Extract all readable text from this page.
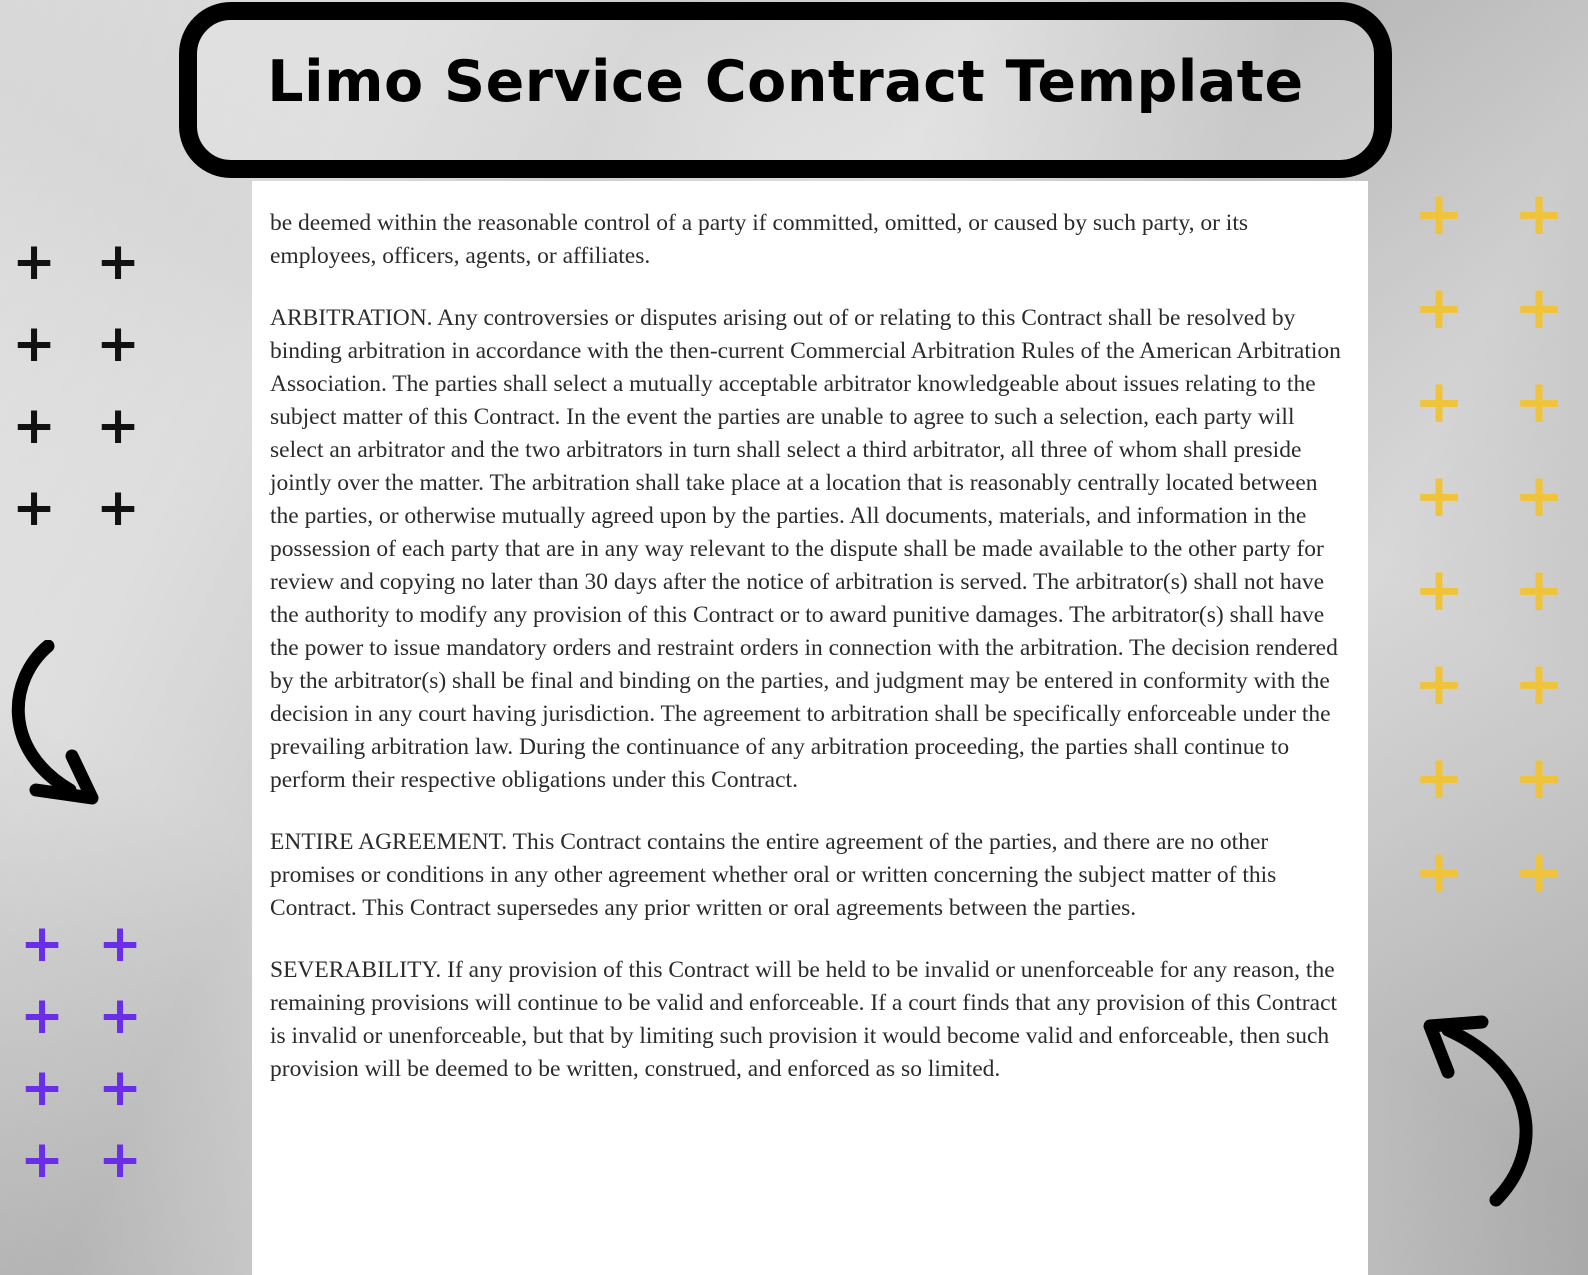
Limo Service Contract Template

be deemed within the reasonable control of a party if committed, omitted, or caused by such party, or its employees, officers, agents, or affiliates.

ARBITRATION. Any controversies or disputes arising out of or relating to this Contract shall be resolved by binding arbitration in accordance with the then-current Commercial Arbitration Rules of the American Arbitration Association. The parties shall select a mutually acceptable arbitrator knowledgeable about issues relating to the subject matter of this Contract. In the event the parties are unable to agree to such a selection, each party will select an arbitrator and the two arbitrators in turn shall select a third arbitrator, all three of whom shall preside jointly over the matter. The arbitration shall take place at a location that is reasonably centrally located between the parties, or otherwise mutually agreed upon by the parties. All documents, materials, and information in the possession of each party that are in any way relevant to the dispute shall be made available to the other party for review and copying no later than 30 days after the notice of arbitration is served. The arbitrator(s) shall not have the authority to modify any provision of this Contract or to award punitive damages. The arbitrator(s) shall have the power to issue mandatory orders and restraint orders in connection with the arbitration. The decision rendered by the arbitrator(s) shall be final and binding on the parties, and judgment may be entered in conformity with the decision in any court having jurisdiction. The agreement to arbitration shall be specifically enforceable under the prevailing arbitration law. During the continuance of any arbitration proceeding, the parties shall continue to perform their respective obligations under this Contract.

ENTIRE AGREEMENT. This Contract contains the entire agreement of the parties, and there are no other promises or conditions in any other agreement whether oral or written concerning the subject matter of this Contract. This Contract supersedes any prior written or oral agreements between the parties.

SEVERABILITY. If any provision of this Contract will be held to be invalid or unenforceable for any reason, the remaining provisions will continue to be valid and enforceable. If a court finds that any provision of this Contract is invalid or unenforceable, but that by limiting such provision it would become valid and enforceable, then such provision will be deemed to be written, construed, and enforced as so limited.

+ +
+ +
+ +
+ +
+ +
+ +
+ +
+ +
+ +
+ +
+ +
+ +
+ +
+ +
+ +
+ +
